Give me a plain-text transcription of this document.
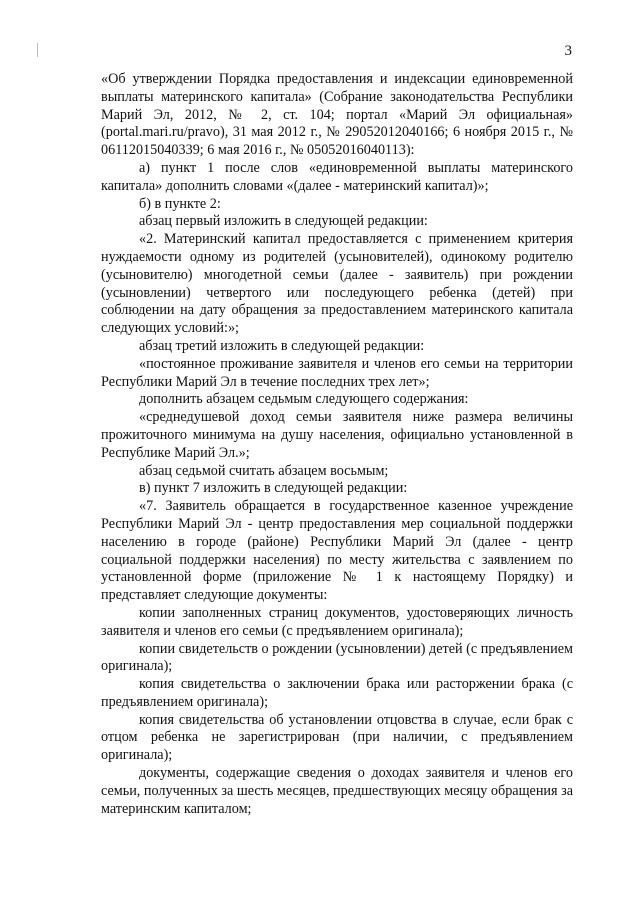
3

«Об утверждении Порядка предоставления и индексации единовременной выплаты материнского капитала» (Собрание законодательства Республики Марий Эл, 2012, № 2, ст. 104; портал «Марий Эл официальная» (portal.mari.ru/pravo), 31 мая 2012 г., № 29052012040166; 6 ноября 2015 г., № 06112015040339; 6 мая 2016 г., № 05052016040113):

а) пункт 1 после слов «единовременной выплаты материнского капитала» дополнить словами «(далее - материнский капитал)»;

б) в пункте 2:

абзац первый изложить в следующей редакции:

«2. Материнский капитал предоставляется с применением критерия нуждаемости одному из родителей (усыновителей), одинокому родителю (усыновителю) многодетной семьи (далее - заявитель) при рождении (усыновлении) четвертого или последующего ребенка (детей) при соблюдении на дату обращения за предоставлением материнского капитала следующих условий:»;

абзац третий изложить в следующей редакции:

«постоянное проживание заявителя и членов его семьи на территории Республики Марий Эл в течение последних трех лет»;

дополнить абзацем седьмым следующего содержания:

«среднедушевой доход семьи заявителя ниже размера величины прожиточного минимума на душу населения, официально установленной в Республике Марий Эл.»;

абзац седьмой считать абзацем восьмым;

в) пункт 7 изложить в следующей редакции:

«7. Заявитель обращается в государственное казенное учреждение Республики Марий Эл - центр предоставления мер социальной поддержки населению в городе (районе) Республики Марий Эл (далее - центр социальной поддержки населения) по месту жительства с заявлением по установленной форме (приложение № 1 к настоящему Порядку) и представляет следующие документы:

копии заполненных страниц документов, удостоверяющих личность заявителя и членов его семьи (с предъявлением оригинала);

копии свидетельств о рождении (усыновлении) детей (с предъявлением оригинала);

копия свидетельства о заключении брака или расторжении брака (с предъявлением оригинала);

копия свидетельства об установлении отцовства в случае, если брак с отцом ребенка не зарегистрирован (при наличии, с предъявлением оригинала);

документы, содержащие сведения о доходах заявителя и членов его семьи, полученных за шесть месяцев, предшествующих месяцу обращения за материнским капиталом;
